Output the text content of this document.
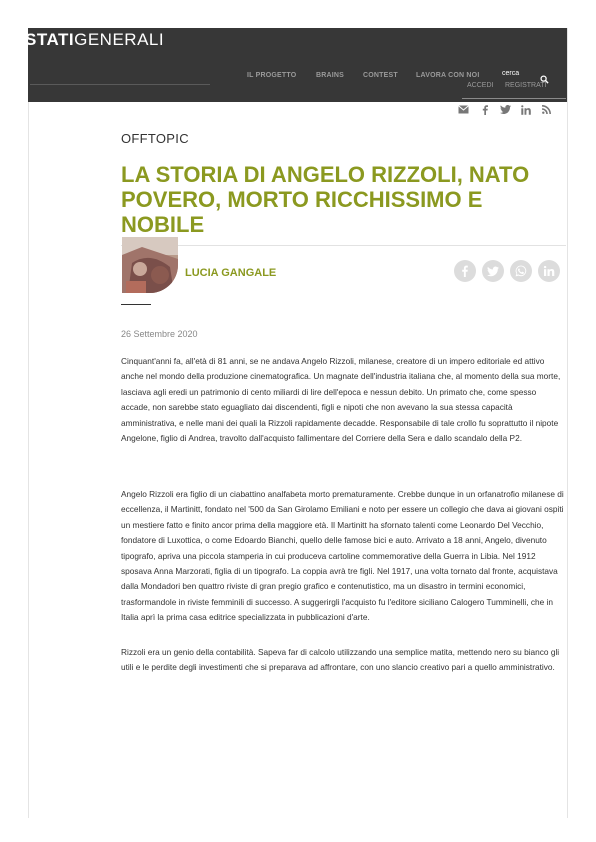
gliSTATIGENERALI
IL PROGETTO	BRAINS	CONTEST	LAVORA CON NOI	cerca
ACCEDI REGISTRATI
OFFTOPIC
LA STORIA DI ANGELO RIZZOLI, NATO POVERO, MORTO RICCHISSIMO E NOBILE
LUCIA GANGALE
26 Settembre 2020

Cinquant'anni fa, all'età di 81 anni, se ne andava Angelo Rizzoli, milanese, creatore di un impero editoriale ed attivo anche nel mondo della produzione cinematografica. Un magnate dell'industria italiana che, al momento della sua morte, lasciava agli eredi un patrimonio di cento miliardi di lire dell'epoca e nessun debito. Un primato che, come spesso accade, non sarebbe stato eguagliato dai discendenti, figli e nipoti che non avevano la sua stessa capacità amministrativa, e nelle mani dei quali la Rizzoli rapidamente decadde. Responsabile di tale crollo fu soprattutto il nipote Angelone, figlio di Andrea, travolto dall'acquisto fallimentare del Corriere della Sera e dallo scandalo della P2.

Angelo Rizzoli era figlio di un ciabattino analfabeta morto prematuramente. Crebbe dunque in un orfanatrofio milanese di eccellenza, il Martinitt, fondato nel '500 da San Girolamo Emiliani e noto per essere un collegio che dava ai giovani ospiti un mestiere fatto e finito ancor prima della maggiore età. Il Martinitt ha sfornato talenti come Leonardo Del Vecchio, fondatore di Luxottica, o come Edoardo Bianchi, quello delle famose bici e auto. Arrivato a 18 anni, Angelo, divenuto tipografo, apriva una piccola stamperia in cui produceva cartoline commemorative della Guerra in Libia. Nel 1912 sposava Anna Marzorati, figlia di un tipografo. La coppia avrà tre figli. Nel 1917, una volta tornato dal fronte, acquistava dalla Mondadori ben quattro riviste di gran pregio grafico e contenutistico, ma un disastro in termini economici, trasformandole in riviste femminili di successo. A suggerirgli l'acquisto fu l'editore siciliano Calogero Tumminelli, che in Italia aprì la prima casa editrice specializzata in pubblicazioni d'arte.

Rizzoli era un genio della contabilità. Sapeva far di calcolo utilizzando una semplice matita, mettendo nero su bianco gli utili e le perdite degli investimenti che si preparava ad affrontare, con uno slancio creativo pari a quello amministrativo.
